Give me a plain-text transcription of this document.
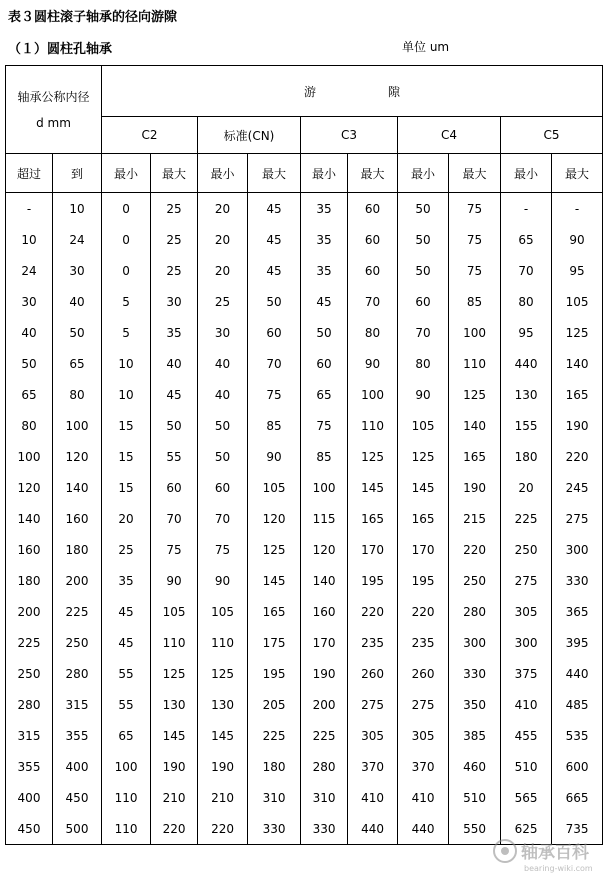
表３圆柱滚子轴承的径向游隙
（１）圆柱孔轴承	单位 um
轴承公称内径
d mm		游 隙									
		C2		标准(CN)		C3		C4		C5	
超过	到	最小	最大	最小	最大	最小	最大	最小	最大	最小	最大
-	10	0	25	20	45	35	60	50	75	-	-
10	24	0	25	20	45	35	60	50	75	65	90
24	30	0	25	20	45	35	60	50	75	70	95
30	40	5	30	25	50	45	70	60	85	80	105
40	50	5	35	30	60	50	80	70	100	95	125
50	65	10	40	40	70	60	90	80	110	440	140
65	80	10	45	40	75	65	100	90	125	130	165
80	100	15	50	50	85	75	110	105	140	155	190
100	120	15	55	50	90	85	125	125	165	180	220
120	140	15	60	60	105	100	145	145	190	20	245
140	160	20	70	70	120	115	165	165	215	225	275
160	180	25	75	75	125	120	170	170	220	250	300
180	200	35	90	90	145	140	195	195	250	275	330
200	225	45	105	105	165	160	220	220	280	305	365
225	250	45	110	110	175	170	235	235	300	300	395
250	280	55	125	125	195	190	260	260	330	375	440
280	315	55	130	130	205	200	275	275	350	410	485
315	355	65	145	145	225	225	305	305	385	455	535
355	400	100	190	190	180	280	370	370	460	510	600
400	450	110	210	210	310	310	410	410	510	565	665
450	500	110	220	220	330	330	440	440	550	625	735
轴承百科
bearing-wiki.com
